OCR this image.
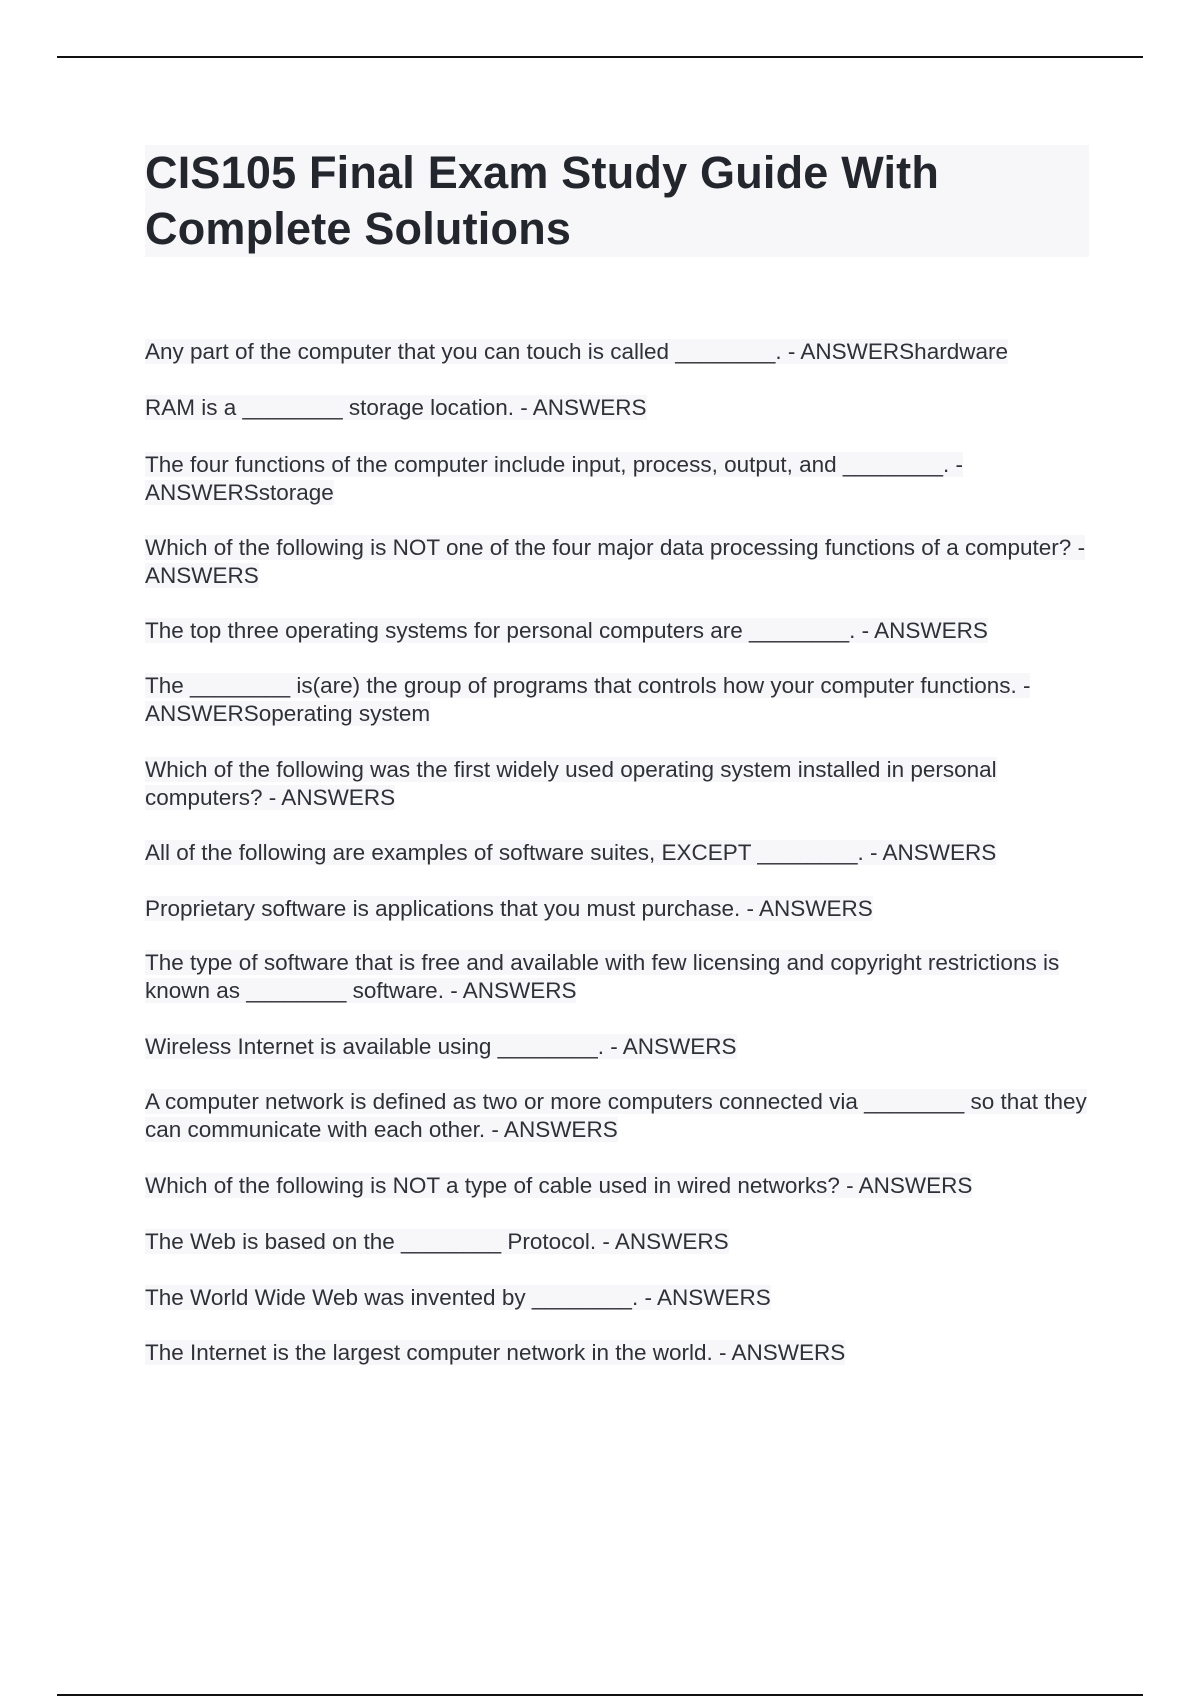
CIS105 Final Exam Study Guide With Complete Solutions
Any part of the computer that you can touch is called ________. - ANSWERShardware
RAM is a ________ storage location. - ANSWERS
The four functions of the computer include input, process, output, and ________. - ANSWERSstorage
Which of the following is NOT one of the four major data processing functions of a computer? - ANSWERS
The top three operating systems for personal computers are ________. - ANSWERS
The ________ is(are) the group of programs that controls how your computer functions. - ANSWERSoperating system
Which of the following was the first widely used operating system installed in personal computers? - ANSWERS
All of the following are examples of software suites, EXCEPT ________. - ANSWERS
Proprietary software is applications that you must purchase. - ANSWERS
The type of software that is free and available with few licensing and copyright restrictions is known as ________ software. - ANSWERS
Wireless Internet is available using ________. - ANSWERS
A computer network is defined as two or more computers connected via ________ so that they can communicate with each other. - ANSWERS
Which of the following is NOT a type of cable used in wired networks? - ANSWERS
The Web is based on the ________ Protocol. - ANSWERS
The World Wide Web was invented by ________. - ANSWERS
The Internet is the largest computer network in the world. - ANSWERS
